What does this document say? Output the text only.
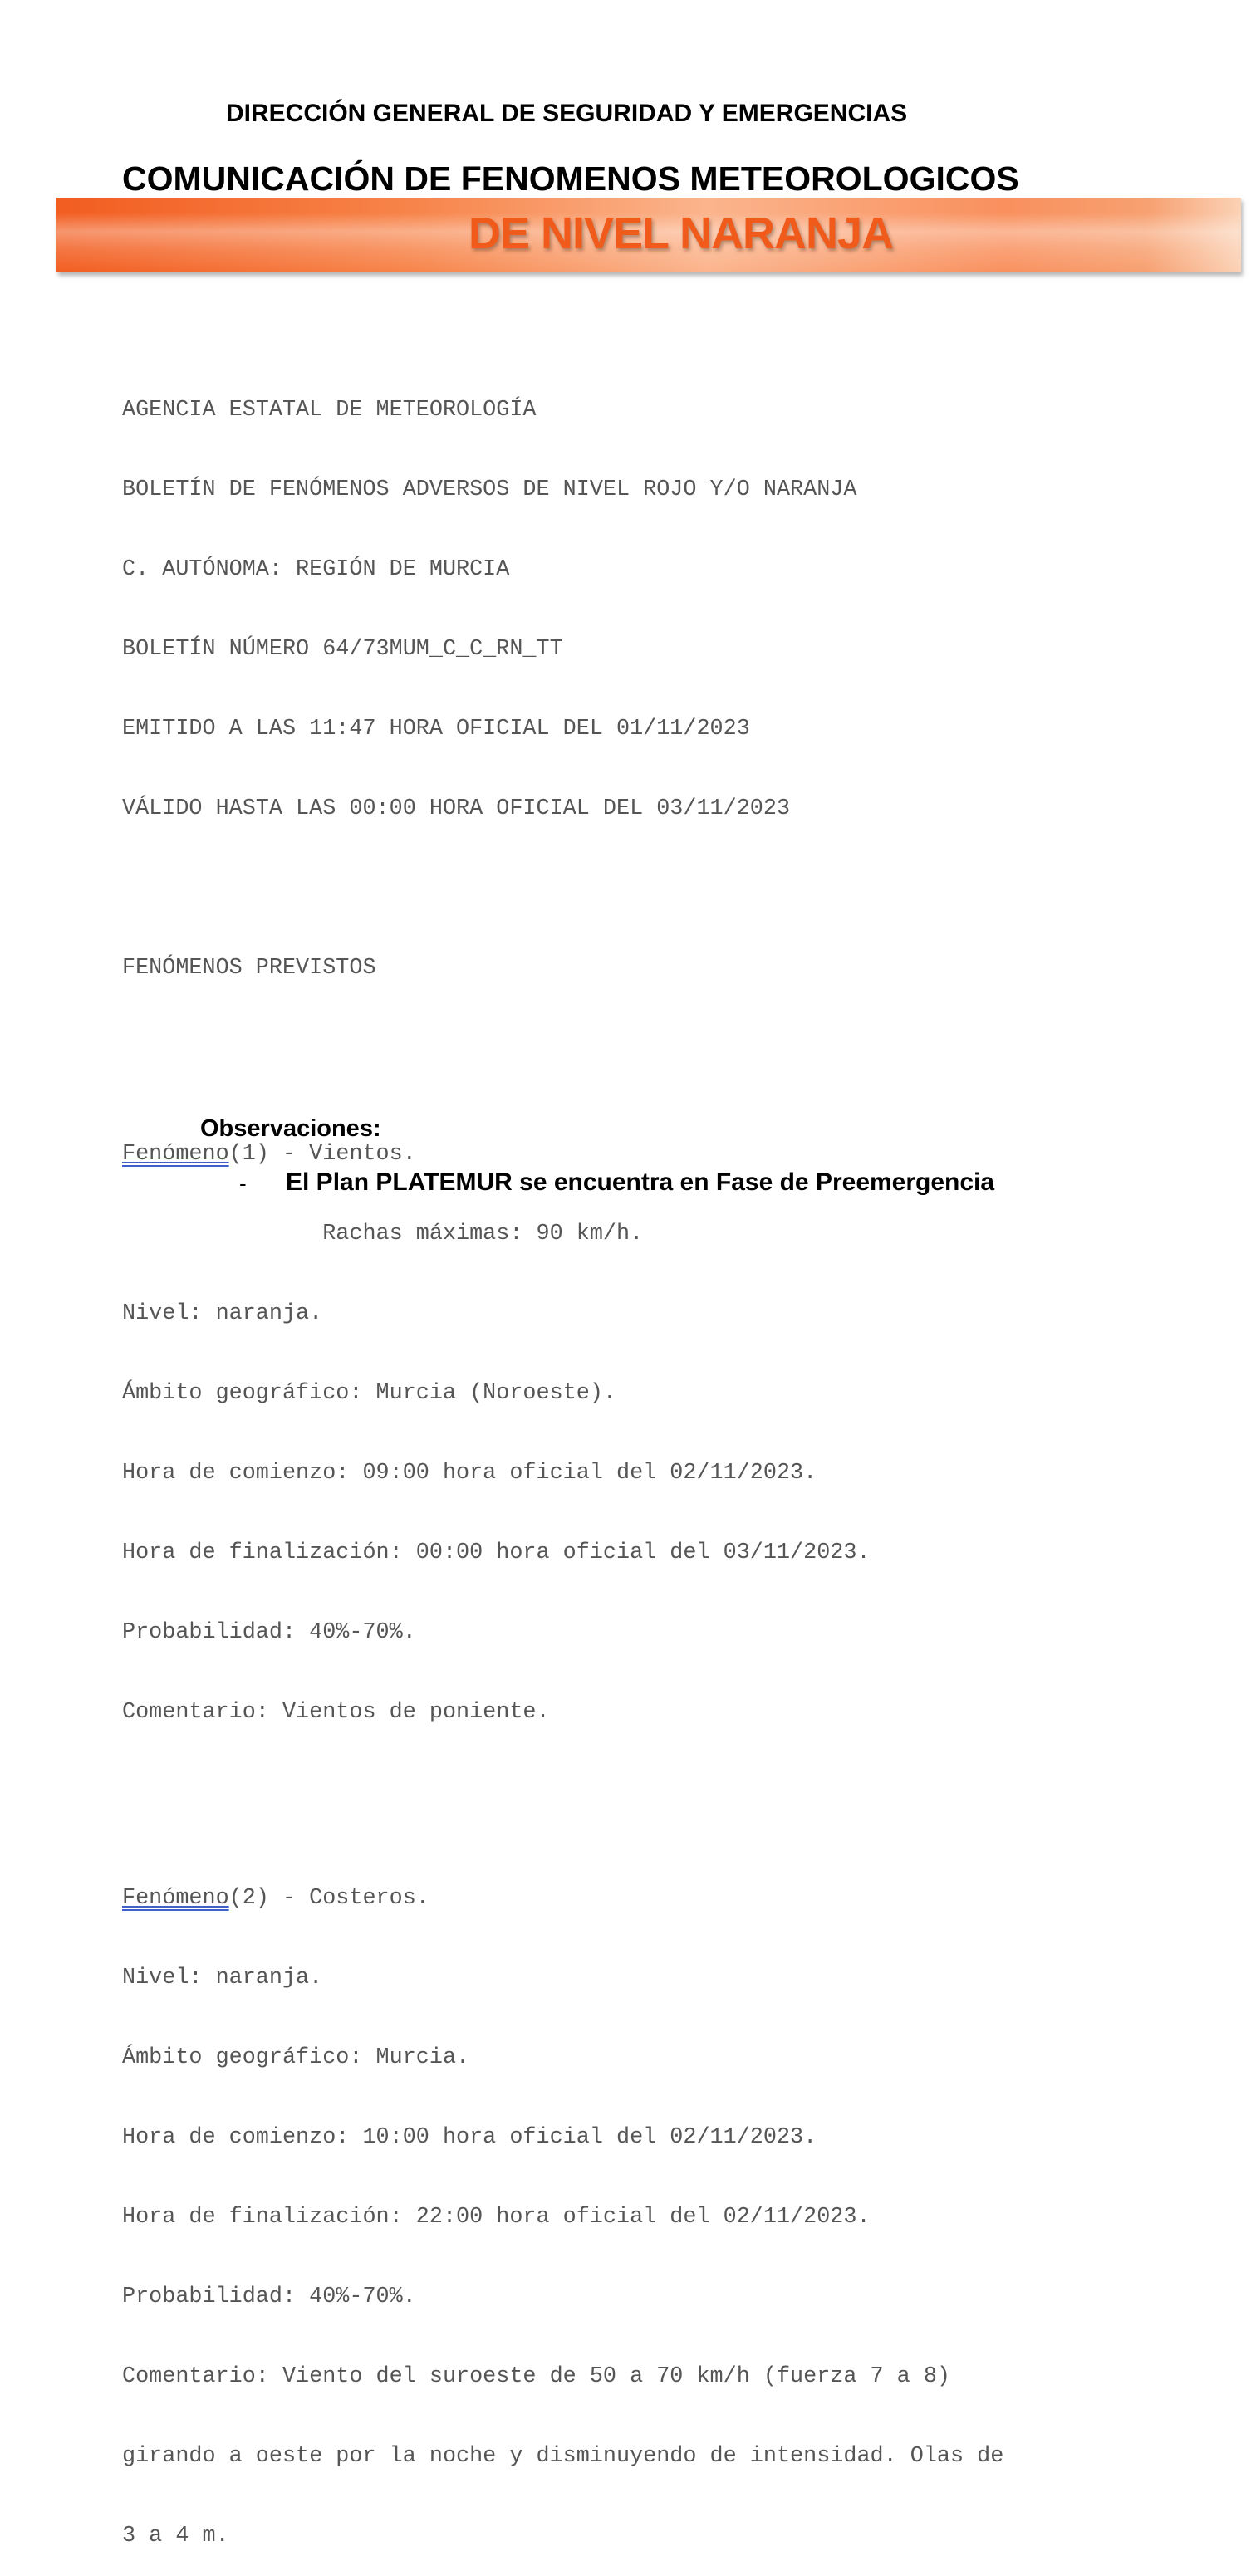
DIRECCIÓN GENERAL DE SEGURIDAD Y EMERGENCIAS
COMUNICACIÓN DE FENOMENOS METEOROLOGICOS
DE NIVEL NARANJA

AGENCIA ESTATAL DE METEOROLOGÍA

BOLETÍN DE FENÓMENOS ADVERSOS DE NIVEL ROJO Y/O NARANJA

C. AUTÓNOMA: REGIÓN DE MURCIA

BOLETÍN NÚMERO 64/73MUM_C_C_RN_TT

EMITIDO A LAS 11:47 HORA OFICIAL DEL 01/11/2023

VÁLIDO HASTA LAS 00:00 HORA OFICIAL DEL 03/11/2023

FENÓMENOS PREVISTOS

Fenómeno(1) - Vientos.

Rachas máximas: 90 km/h.

Nivel: naranja.

Ámbito geográfico: Murcia (Noroeste).

Hora de comienzo: 09:00 hora oficial del 02/11/2023.

Hora de finalización: 00:00 hora oficial del 03/11/2023.

Probabilidad: 40%-70%.

Comentario: Vientos de poniente.

Fenómeno(2) - Costeros.

Nivel: naranja.

Ámbito geográfico: Murcia.

Hora de comienzo: 10:00 hora oficial del 02/11/2023.

Hora de finalización: 22:00 hora oficial del 02/11/2023.

Probabilidad: 40%-70%.

Comentario: Viento del suroeste de 50 a 70 km/h (fuerza 7 a 8)

girando a oeste por la noche y disminuyendo de intensidad. Olas de

3 a 4 m.

Observaciones:
- El Plan PLATEMUR se encuentra en Fase de Preemergencia
